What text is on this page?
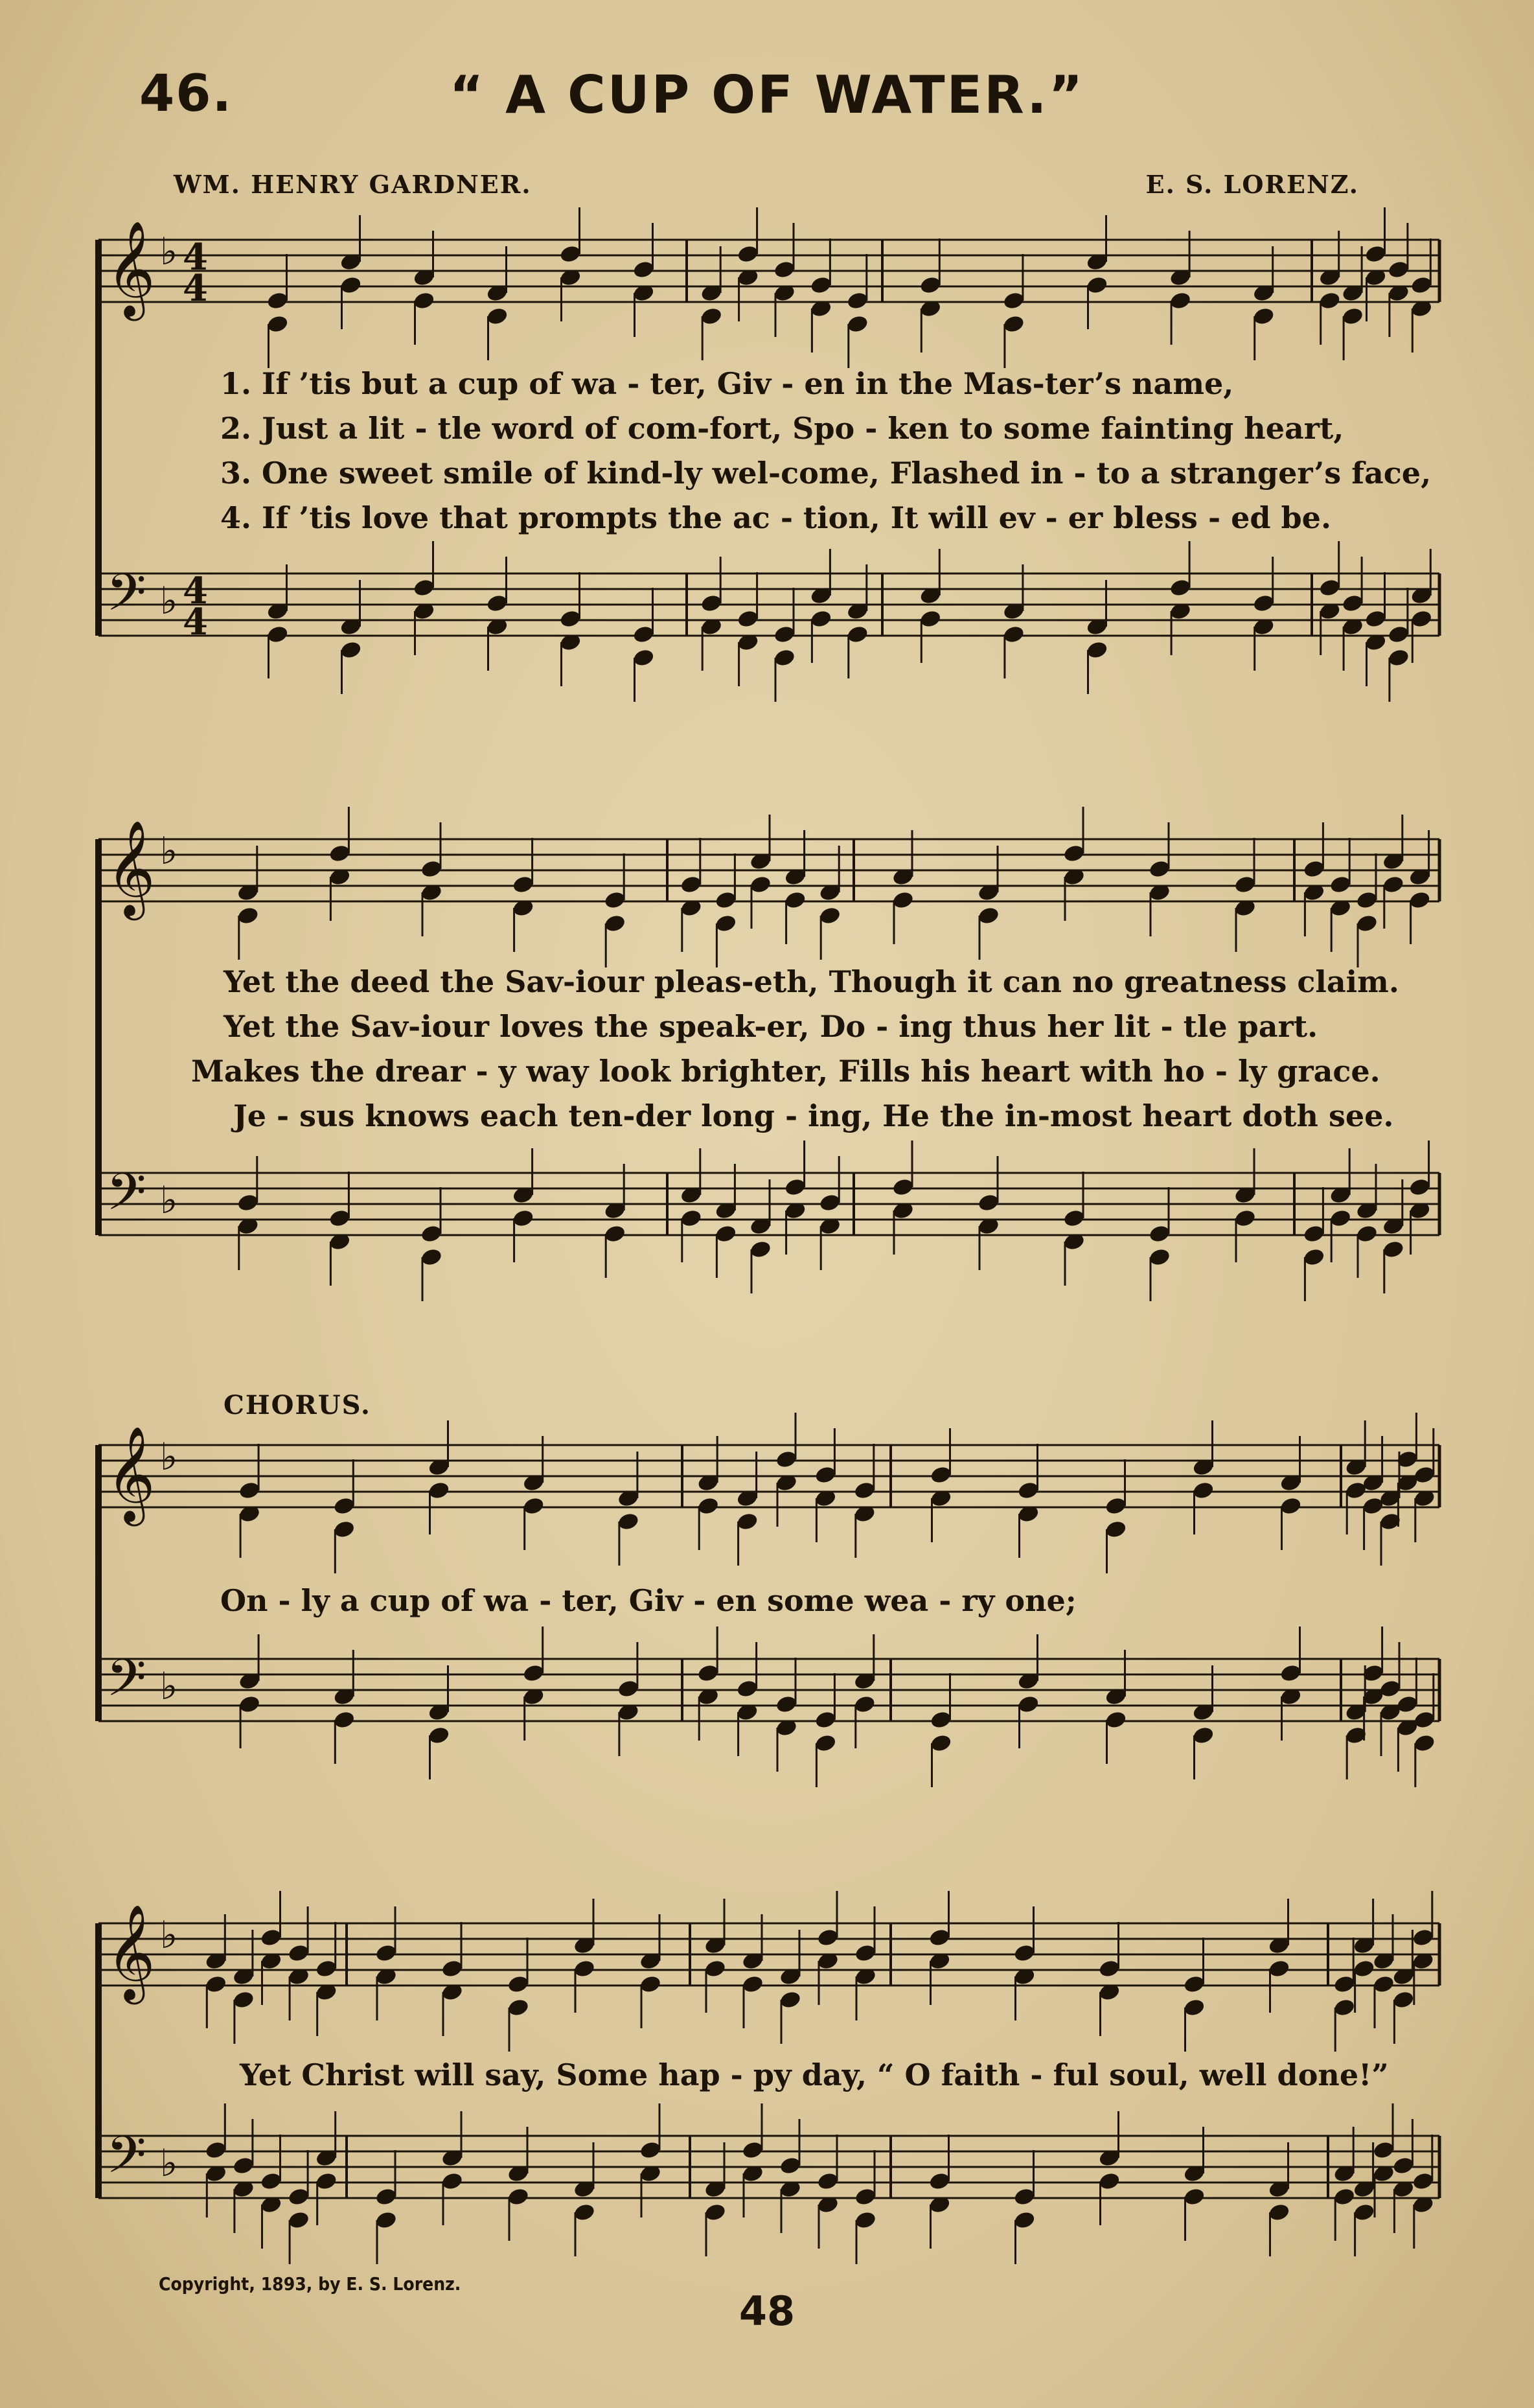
46.	“ A CUP OF WATER.”
WM. HENRY GARDNER.	E. S. LORENZ.
𝄞 ♭ 4
4
𝄢 ♭ 4
4
𝄞 ♭
𝄢 ♭
𝄞 ♭
𝄢 ♭
𝄞 ♭
𝄢 ♭
1. If ’tis but a cup of wa - ter, Giv - en in the Mas-ter’s name,
2. Just a lit - tle word of com-fort, Spo - ken to some fainting heart,
3. One sweet smile of kind-ly wel-come, Flashed in - to a stranger’s face,
4. If ’tis love that prompts the ac - tion, It will ev - er bless - ed be.
Yet the deed the Sav-iour pleas-eth, Though it can no greatness claim.
Yet the Sav-iour loves the speak-er, Do - ing thus her lit - tle part.
Makes the drear - y way look brighter, Fills his heart with ho - ly grace.
Je - sus knows each ten-der long - ing, He the in-most heart doth see.
CHORUS.
On - ly a cup of wa - ter, Giv - en some wea - ry one;
Yet Christ will say, Some hap - py day, “ O faith - ful soul, well done!”
Copyright, 1893, by E. S. Lorenz.
48
